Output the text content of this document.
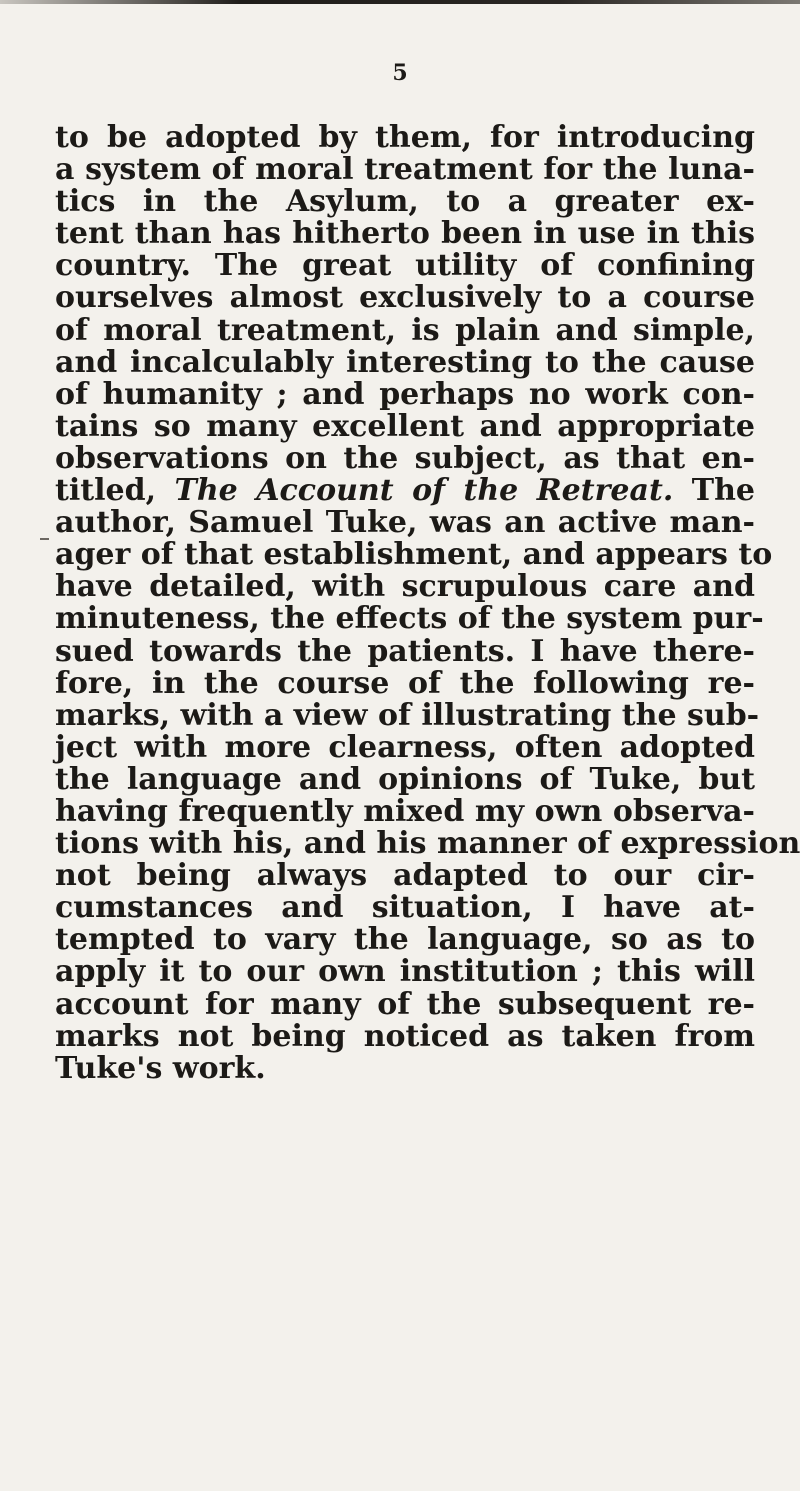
5

to be adopted by them, for introducing
a system of moral treatment for the luna-
tics in the Asylum, to a greater ex-
tent than has hitherto been in use in this
country. The great utility of confining
ourselves almost exclusively to a course
of moral treatment, is plain and simple,
and incalculably interesting to the cause
of humanity ; and perhaps no work con-
tains so many excellent and appropriate
observations on the subject, as that en-
titled, The Account of the Retreat. The
author, Samuel Tuke, was an active man-
ager of that establishment, and appears to
have detailed, with scrupulous care and
minuteness, the effects of the system pur-
sued towards the patients. I have there-
fore, in the course of the following re-
marks, with a view of illustrating the sub-
ject with more clearness, often adopted
the language and opinions of Tuke, but
having frequently mixed my own observa-
tions with his, and his manner of expression
not being always adapted to our cir-
cumstances and situation, I have at-
tempted to vary the language, so as to
apply it to our own institution ; this will
account for many of the subsequent re-
marks not being noticed as taken from
Tuke's work.
